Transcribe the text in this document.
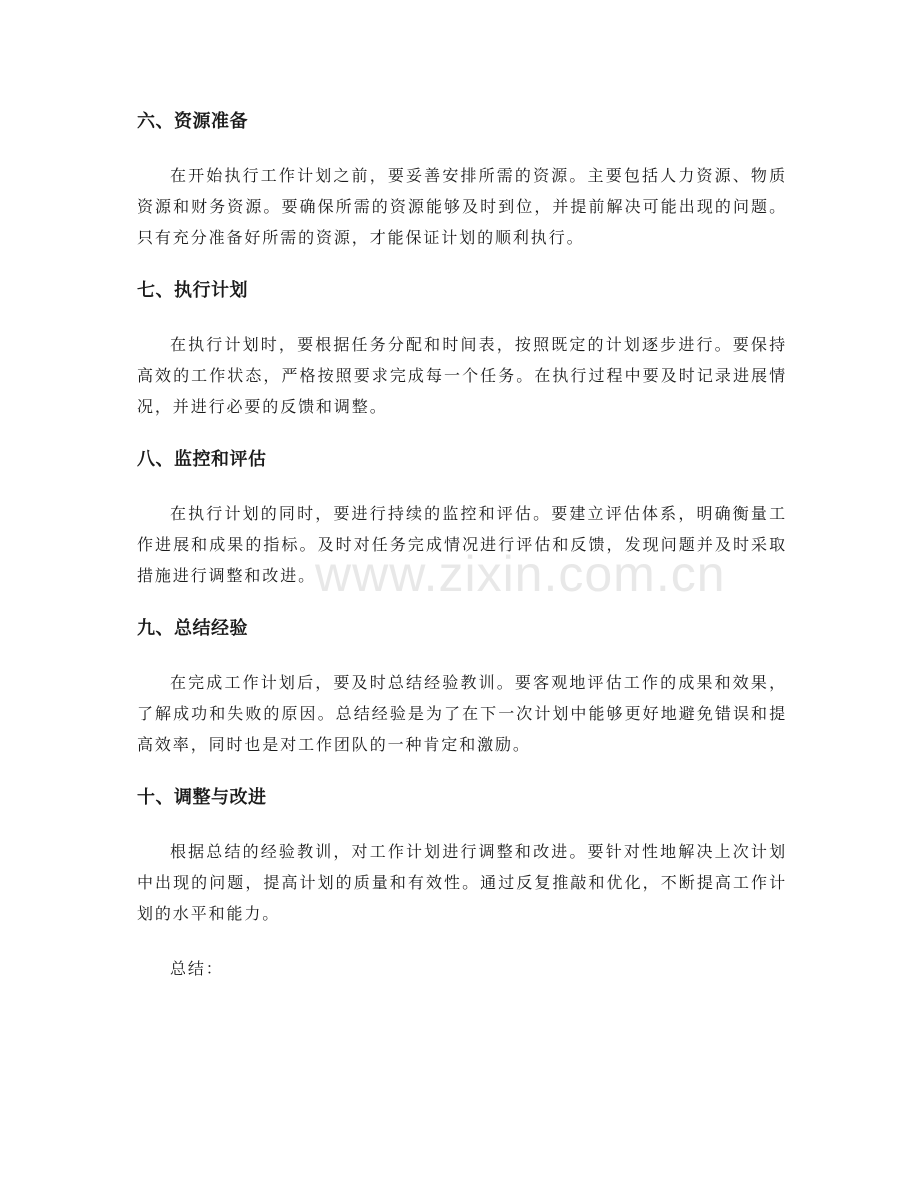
六、资源准备

在开始执行工作计划之前，要妥善安排所需的资源。主要包括人力资源、物质资源和财务资源。要确保所需的资源能够及时到位，并提前解决可能出现的问题。只有充分准备好所需的资源，才能保证计划的顺利执行。

七、执行计划

在执行计划时，要根据任务分配和时间表，按照既定的计划逐步进行。要保持高效的工作状态，严格按照要求完成每一个任务。在执行过程中要及时记录进展情况，并进行必要的反馈和调整。

八、监控和评估

在执行计划的同时，要进行持续的监控和评估。要建立评估体系，明确衡量工作进展和成果的指标。及时对任务完成情况进行评估和反馈，发现问题并及时采取措施进行调整和改进。

九、总结经验

在完成工作计划后，要及时总结经验教训。要客观地评估工作的成果和效果，了解成功和失败的原因。总结经验是为了在下一次计划中能够更好地避免错误和提高效率，同时也是对工作团队的一种肯定和激励。

十、调整与改进

根据总结的经验教训，对工作计划进行调整和改进。要针对性地解决上次计划中出现的问题，提高计划的质量和有效性。通过反复推敲和优化，不断提高工作计划的水平和能力。

总结：

www.zixin.com.cn
